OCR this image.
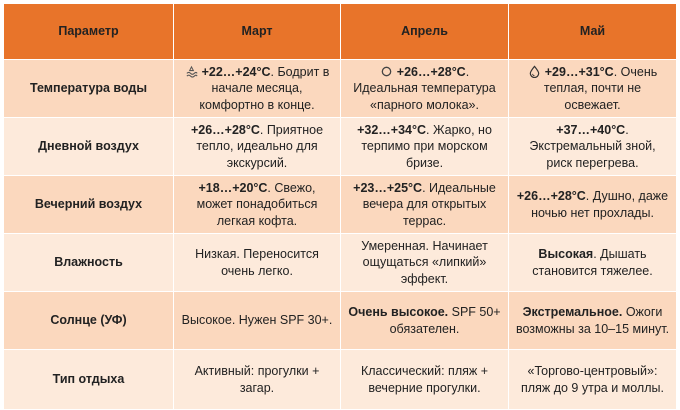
Параметр	Март	Апрель	Май
Температура воды	+22…+24°C. Бодрит в начале месяца, комфортно в конце.	+26…+28°C. Идеальная температура «парного молока».	+29…+31°C. Очень теплая, почти не освежает.
Дневной воздух	+26…+28°C. Приятное тепло, идеально для экскурсий.	+32…+34°C. Жарко, но терпимо при морском бризе.	+37…+40°C. Экстремальный зной, риск перегрева.
Вечерний воздух	+18…+20°C. Свежо, может понадобиться легкая кофта.	+23…+25°C. Идеальные вечера для открытых террас.	+26…+28°C. Душно, даже ночью нет прохлады.
Влажность	Низкая. Переносится очень легко.	Умеренная. Начинает ощущаться «липкий» эффект.	Высокая. Дышать становится тяжелее.
Солнце (УФ)	Высокое. Нужен SPF 30+.	Очень высокое. SPF 50+ обязателен.	Экстремальное. Ожоги возможны за 10–15 минут.
Тип отдыха	Активный: прогулки + загар.	Классический: пляж + вечерние прогулки.	«Торгово-центровый»: пляж до 9 утра и моллы.
